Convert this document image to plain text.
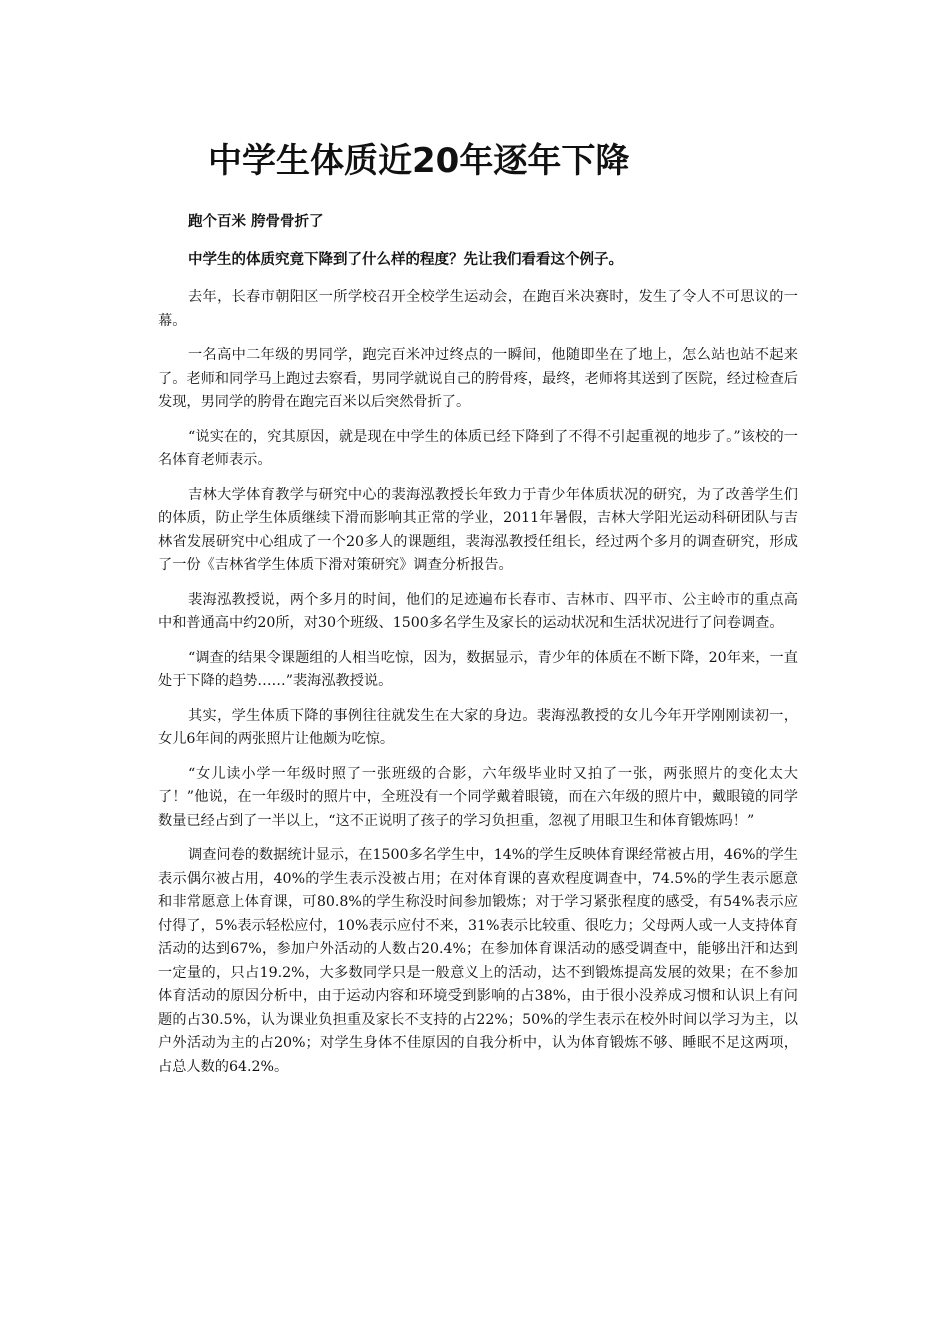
中学生体质近20年逐年下降
跑个百米 胯骨骨折了
中学生的体质究竟下降到了什么样的程度？先让我们看看这个例子。

去年，长春市朝阳区一所学校召开全校学生运动会，在跑百米决赛时，发生了令人不可思议的一幕。

一名高中二年级的男同学，跑完百米冲过终点的一瞬间，他随即坐在了地上，怎么站也站不起来了。老师和同学马上跑过去察看，男同学就说自己的胯骨疼，最终，老师将其送到了医院，经过检查后发现，男同学的胯骨在跑完百米以后突然骨折了。

“说实在的，究其原因，就是现在中学生的体质已经下降到了不得不引起重视的地步了。”该校的一名体育老师表示。

吉林大学体育教学与研究中心的裴海泓教授长年致力于青少年体质状况的研究，为了改善学生们的体质，防止学生体质继续下滑而影响其正常的学业，2011年暑假，吉林大学阳光运动科研团队与吉林省发展研究中心组成了一个20多人的课题组，裴海泓教授任组长，经过两个多月的调查研究，形成了一份《吉林省学生体质下滑对策研究》调查分析报告。

裴海泓教授说，两个多月的时间，他们的足迹遍布长春市、吉林市、四平市、公主岭市的重点高中和普通高中约20所，对30个班级、1500多名学生及家长的运动状况和生活状况进行了问卷调查。

“调查的结果令课题组的人相当吃惊，因为，数据显示，青少年的体质在不断下降，20年来，一直处于下降的趋势……”裴海泓教授说。

其实，学生体质下降的事例往往就发生在大家的身边。裴海泓教授的女儿今年开学刚刚读初一，女儿6年间的两张照片让他颇为吃惊。

“女儿读小学一年级时照了一张班级的合影，六年级毕业时又拍了一张，两张照片的变化太大了！”他说，在一年级时的照片中，全班没有一个同学戴着眼镜，而在六年级的照片中，戴眼镜的同学数量已经占到了一半以上，“这不正说明了孩子的学习负担重，忽视了用眼卫生和体育锻炼吗！”

调查问卷的数据统计显示，在1500多名学生中，14%的学生反映体育课经常被占用，46%的学生表示偶尔被占用，40%的学生表示没被占用；在对体育课的喜欢程度调查中，74.5%的学生表示愿意和非常愿意上体育课，可80.8%的学生称没时间参加锻炼；对于学习紧张程度的感受，有54%表示应付得了，5%表示轻松应付，10%表示应付不来，31%表示比较重、很吃力；父母两人或一人支持体育活动的达到67%，参加户外活动的人数占20.4%；在参加体育课活动的感受调查中，能够出汗和达到一定量的，只占19.2%，大多数同学只是一般意义上的活动，达不到锻炼提高发展的效果；在不参加体育活动的原因分析中，由于运动内容和环境受到影响的占38%，由于很小没养成习惯和认识上有问题的占30.5%，认为课业负担重及家长不支持的占22%；50%的学生表示在校外时间以学习为主，以户外活动为主的占20%；对学生身体不佳原因的自我分析中，认为体育锻炼不够、睡眠不足这两项，占总人数的64.2%。
